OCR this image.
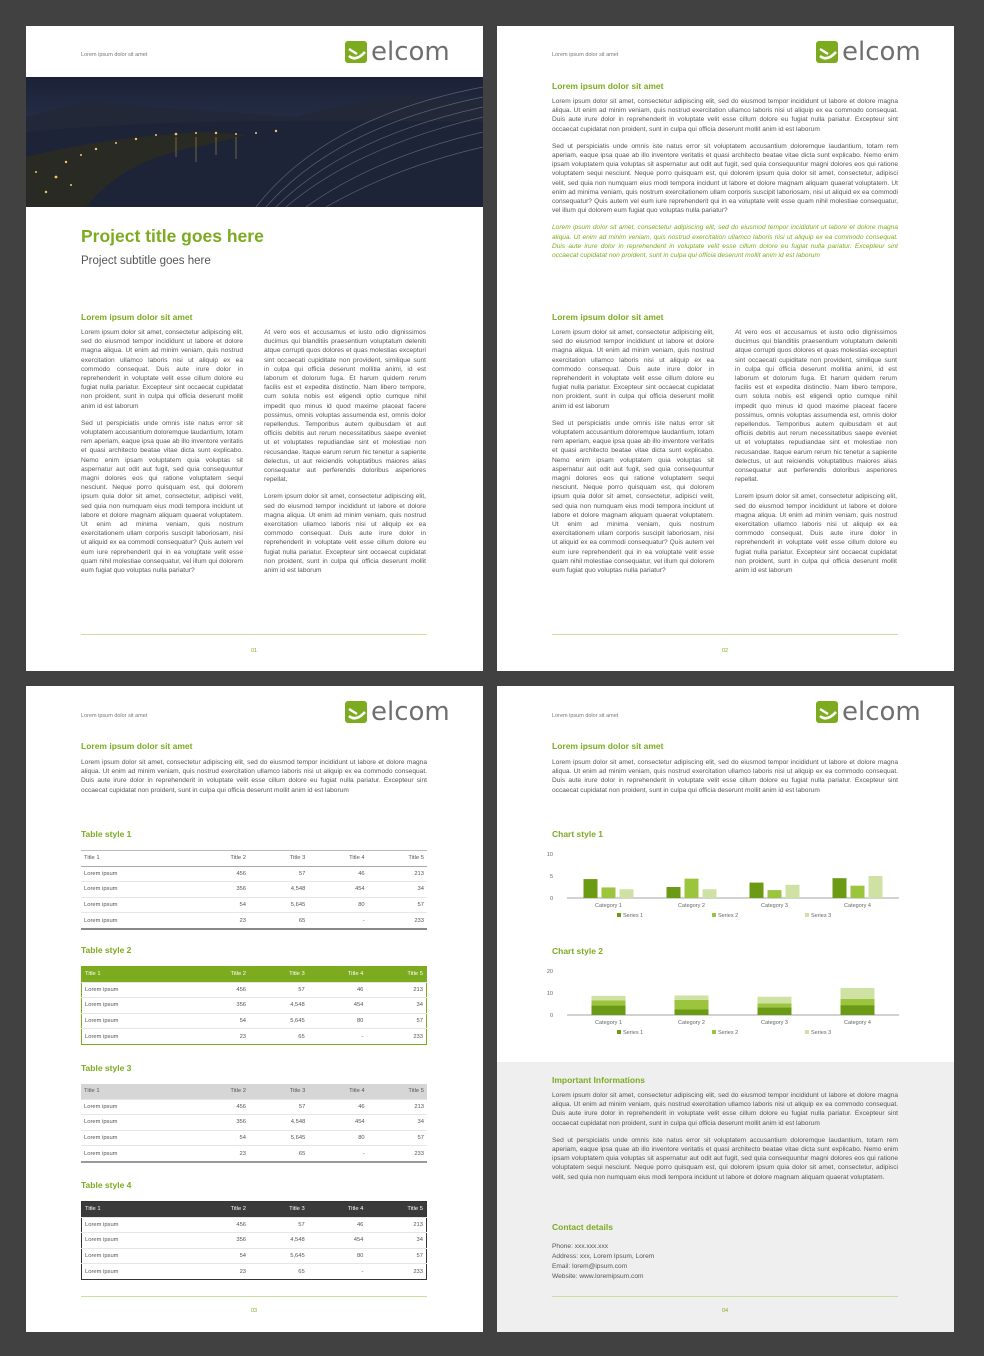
Lorem ipsum dolor sit amet	elcom
Project title goes here
Project subtitle goes here
Lorem ipsum dolor sit amet

Lorem ipsum dolor sit amet, consectetur adipiscing elit, sed do eiusmod tempor incididunt ut labore et dolore magna aliqua. Ut enim ad minim veniam, quis nostrud exercitation ullamco laboris nisi ut aliquip ex ea commodo consequat. Duis aute irure dolor in reprehenderit in voluptate velit esse cillum dolore eu fugiat nulla pariatur. Excepteur sint occaecat cupidatat non proident, sunt in culpa qui officia deserunt mollit anim id est laborum

Sed ut perspiciatis unde omnis iste natus error sit voluptatem accusantium doloremque laudantium, totam rem aperiam, eaque ipsa quae ab illo inventore veritatis et quasi architecto beatae vitae dicta sunt explicabo. Nemo enim ipsam voluptatem quia voluptas sit aspernatur aut odit aut fugit, sed quia consequuntur magni dolores eos qui ratione voluptatem sequi nesciunt. Neque porro quisquam est, qui dolorem ipsum quia dolor sit amet, consectetur, adipisci velit, sed quia non numquam eius modi tempora incidunt ut labore et dolore magnam aliquam quaerat voluptatem. Ut enim ad minima veniam, quis nostrum exercitationem ullam corporis suscipit laboriosam, nisi ut aliquid ex ea commodi consequatur? Quis autem vel eum iure reprehenderit qui in ea voluptate velit esse quam nihil molestiae consequatur, vel illum qui dolorem eum fugiat quo voluptas nulla pariatur?

At vero eos et accusamus et iusto odio dignissimos ducimus qui blanditiis praesentium voluptatum deleniti atque corrupti quos dolores et quas molestias excepturi sint occaecati cupiditate non provident, similique sunt in culpa qui officia deserunt mollitia animi, id est laborum et dolorum fuga. Et harum quidem rerum facilis est et expedita distinctio. Nam libero tempore, cum soluta nobis est eligendi optio cumque nihil impedit quo minus id quod maxime placeat facere possimus, omnis voluptas assumenda est, omnis dolor repellendus. Temporibus autem quibusdam et aut officiis debitis aut rerum necessitatibus saepe eveniet ut et voluptates repudiandae sint et molestiae non recusandae. Itaque earum rerum hic tenetur a sapiente delectus, ut aut reiciendis voluptatibus maiores alias consequatur aut perferendis doloribus asperiores repellat.

Lorem ipsum dolor sit amet, consectetur adipiscing elit, sed do eiusmod tempor incididunt ut labore et dolore magna aliqua. Ut enim ad minim veniam, quis nostrud exercitation ullamco laboris nisi ut aliquip ex ea commodo consequat. Duis aute irure dolor in reprehenderit in voluptate velit esse cillum dolore eu fugiat nulla pariatur. Excepteur sint occaecat cupidatat non proident, sunt in culpa qui officia deserunt mollit anim id est laborum

01
Lorem ipsum dolor sit amet	elcom
Lorem ipsum dolor sit amet

Lorem ipsum dolor sit amet, consectetur adipiscing elit, sed do eiusmod tempor incididunt ut labore et dolore magna aliqua. Ut enim ad minim veniam, quis nostrud exercitation ullamco laboris nisi ut aliquip ex ea commodo consequat. Duis aute irure dolor in reprehenderit in voluptate velit esse cillum dolore eu fugiat nulla pariatur. Excepteur sint occaecat cupidatat non proident, sunt in culpa qui officia deserunt mollit anim id est laborum

Sed ut perspiciatis unde omnis iste natus error sit voluptatem accusantium doloremque laudantium, totam rem aperiam, eaque ipsa quae ab illo inventore veritatis et quasi architecto beatae vitae dicta sunt explicabo. Nemo enim ipsam voluptatem quia voluptas sit aspernatur aut odit aut fugit, sed quia consequuntur magni dolores eos qui ratione voluptatem sequi nesciunt. Neque porro quisquam est, qui dolorem ipsum quia dolor sit amet, consectetur, adipisci velit, sed quia non numquam eius modi tempora incidunt ut labore et dolore magnam aliquam quaerat voluptatem. Ut enim ad minima veniam, quis nostrum exercitationem ullam corporis suscipit laboriosam, nisi ut aliquid ex ea commodi consequatur? Quis autem vel eum iure reprehenderit qui in ea voluptate velit esse quam nihil molestiae consequatur, vel illum qui dolorem eum fugiat quo voluptas nulla pariatur?

Lorem ipsum dolor sit amet, consectetur adipiscing elit, sed do eiusmod tempor incididunt ut labore et dolore magna aliqua. Ut enim ad minim veniam, quis nostrud exercitation ullamco laboris nisi ut aliquip ex ea commodo consequat. Duis aute irure dolor in reprehenderit in voluptate velit esse cillum dolore eu fugiat nulla pariatur. Excepteur sint occaecat cupidatat non proident, sunt in culpa qui officia deserunt mollit anim id est laborum

Lorem ipsum dolor sit amet

Lorem ipsum dolor sit amet, consectetur adipiscing elit, sed do eiusmod tempor incididunt ut labore et dolore magna aliqua. Ut enim ad minim veniam, quis nostrud exercitation ullamco laboris nisi ut aliquip ex ea commodo consequat. Duis aute irure dolor in reprehenderit in voluptate velit esse cillum dolore eu fugiat nulla pariatur. Excepteur sint occaecat cupidatat non proident, sunt in culpa qui officia deserunt mollit anim id est laborum

Sed ut perspiciatis unde omnis iste natus error sit voluptatem accusantium doloremque laudantium, totam rem aperiam, eaque ipsa quae ab illo inventore veritatis et quasi architecto beatae vitae dicta sunt explicabo. Nemo enim ipsam voluptatem quia voluptas sit aspernatur aut odit aut fugit, sed quia consequuntur magni dolores eos qui ratione voluptatem sequi nesciunt. Neque porro quisquam est, qui dolorem ipsum quia dolor sit amet, consectetur, adipisci velit, sed quia non numquam eius modi tempora incidunt ut labore et dolore magnam aliquam quaerat voluptatem. Ut enim ad minima veniam, quis nostrum exercitationem ullam corporis suscipit laboriosam, nisi ut aliquid ex ea commodi consequatur? Quis autem vel eum iure reprehenderit qui in ea voluptate velit esse quam nihil molestiae consequatur, vel illum qui dolorem eum fugiat quo voluptas nulla pariatur?

At vero eos et accusamus et iusto odio dignissimos ducimus qui blanditiis praesentium voluptatum deleniti atque corrupti quos dolores et quas molestias excepturi sint occaecati cupiditate non provident, similique sunt in culpa qui officia deserunt mollitia animi, id est laborum et dolorum fuga. Et harum quidem rerum facilis est et expedita distinctio. Nam libero tempore, cum soluta nobis est eligendi optio cumque nihil impedit quo minus id quod maxime placeat facere possimus, omnis voluptas assumenda est, omnis dolor repellendus. Temporibus autem quibusdam et aut officiis debitis aut rerum necessitatibus saepe eveniet ut et voluptates repudiandae sint et molestiae non recusandae. Itaque earum rerum hic tenetur a sapiente delectus, ut aut reiciendis voluptatibus maiores alias consequatur aut perferendis doloribus asperiores repellat.

Lorem ipsum dolor sit amet, consectetur adipiscing elit, sed do eiusmod tempor incididunt ut labore et dolore magna aliqua. Ut enim ad minim veniam, quis nostrud exercitation ullamco laboris nisi ut aliquip ex ea commodo consequat. Duis aute irure dolor in reprehenderit in voluptate velit esse cillum dolore eu fugiat nulla pariatur. Excepteur sint occaecat cupidatat non proident, sunt in culpa qui officia deserunt mollit anim id est laborum

02
Lorem ipsum dolor sit amet	elcom
Lorem ipsum dolor sit amet
Lorem ipsum dolor sit amet, consectetur adipiscing elit, sed do eiusmod tempor incididunt ut labore et dolore magna aliqua. Ut enim ad minim veniam, quis nostrud exercitation ullamco laboris nisi ut aliquip ex ea commodo consequat. Duis aute irure dolor in reprehenderit in voluptate velit esse cillum dolore eu fugiat nulla pariatur. Excepteur sint occaecat cupidatat non proident, sunt in culpa qui officia deserunt mollit anim id est laborum
Table style 1
Title 1	Title 2	Title 3	Title 4	Title 5
Lorem ipsum	456	57	46	213
Lorem ipsum	356	4,548	454	34
Lorem ipsum	54	5,645	80	57
Lorem ipsum	23	65	-	233
Table style 2
Title 1	Title 2	Title 3	Title 4	Title 5
Lorem ipsum	456	57	46	213
Lorem ipsum	356	4,548	454	34
Lorem ipsum	54	5,645	80	57
Lorem ipsum	23	65	-	233
Table style 3
Title 1	Title 2	Title 3	Title 4	Title 5
Lorem ipsum	456	57	46	213
Lorem ipsum	356	4,548	454	34
Lorem ipsum	54	5,645	80	57
Lorem ipsum	23	65	-	233
Table style 4
Title 1	Title 2	Title 3	Title 4	Title 5
Lorem ipsum	456	57	46	213
Lorem ipsum	356	4,548	454	34
Lorem ipsum	54	5,645	80	57
Lorem ipsum	23	65	-	233
03
Lorem ipsum dolor sit amet	elcom
Lorem ipsum dolor sit amet
Lorem ipsum dolor sit amet, consectetur adipiscing elit, sed do eiusmod tempor incididunt ut labore et dolore magna aliqua. Ut enim ad minim veniam, quis nostrud exercitation ullamco laboris nisi ut aliquip ex ea commodo consequat. Duis aute irure dolor in reprehenderit in voluptate velit esse cillum dolore eu fugiat nulla pariatur. Excepteur sint occaecat cupidatat non proident, sunt in culpa qui officia deserunt mollit anim id est laborum
Chart style 1
10
5
0
Category 1	Category 2	Category 3	Category 4
Series 1	Series 2	Series 3
Chart style 2
20
10
0
Category 1	Category 2	Category 3	Category 4
Series 1	Series 2	Series 3
Important Informations

Lorem ipsum dolor sit amet, consectetur adipiscing elit, sed do eiusmod tempor incididunt ut labore et dolore magna aliqua. Ut enim ad minim veniam, quis nostrud exercitation ullamco laboris nisi ut aliquip ex ea commodo consequat. Duis aute irure dolor in reprehenderit in voluptate velit esse cillum dolore eu fugiat nulla pariatur. Excepteur sint occaecat cupidatat non proident, sunt in culpa qui officia deserunt mollit anim id est laborum

Sed ut perspiciatis unde omnis iste natus error sit voluptatem accusantium doloremque laudantium, totam rem aperiam, eaque ipsa quae ab illo inventore veritatis et quasi architecto beatae vitae dicta sunt explicabo. Nemo enim ipsam voluptatem quia voluptas sit aspernatur aut odit aut fugit, sed quia consequuntur magni dolores eos qui ratione voluptatem sequi nesciunt. Neque porro quisquam est, qui dolorem ipsum quia dolor sit amet, consectetur, adipisci velit, sed quia non numquam eius modi tempora incidunt ut labore et dolore magnam aliquam quaerat voluptatem.

Contact details
Phone: xxx.xxx.xxx
Address: xxx, Lorem Ipsum, Lorem
Email: lorem@ipsum.com
Website: www.loremipsum.com
04
